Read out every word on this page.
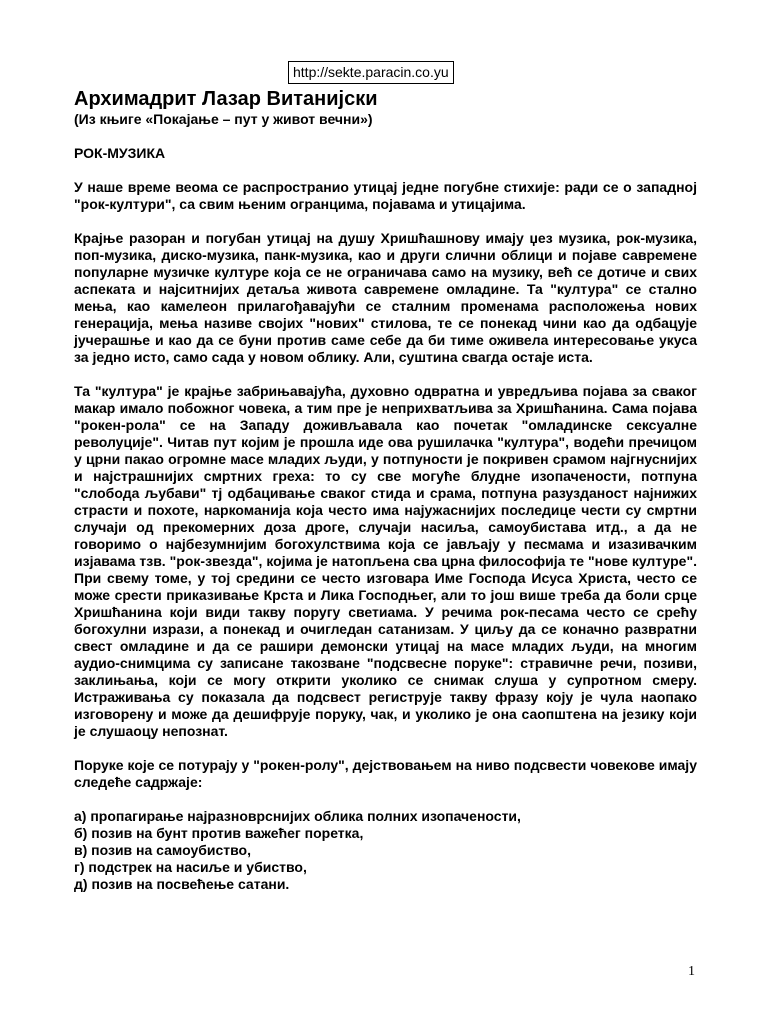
http://sekte.paracin.co.yu
Архимадрит Лазар Витанијски

(Из књиге «Покајање – пут у живот вечни»)

РОК-МУЗИКА

У наше време веома се распространио утицај једне погубне стихије: ради се о западној "рок-култури", са свим њеним огранцима, појавама и утицајима.

Крајње разоран и погубан утицај на душу Хришћашнову имају џез музика, рок-музика, поп-музика, диско-музика, панк-музика, као и други слични облици и појаве савремене популарне музичке културе која се не ограничава само на музику, већ се дотиче и свих аспеката и најситнијих детаља живота савремене омладине. Та "култура" се стално мења, као камелеон прилагођавајући се сталним променама расположења нових генерација, мења називе својих "нових" стилова, те се понекад чини као да одбацује јучерашње и као да се буни против саме себе да би тиме оживела интересовање укуса за једно исто, само сада у новом облику. Али, суштина свагда остаје иста.

Та "култура" је крајње забрињавајућа, духовно одвратна и увредљива појава за сваког макар имало побожног човека, а тим пре је неприхватљива за Хришћанина. Сама појава "рокен-рола" се на Западу доживљавала као почетак "омладинске сексуалне револуције". Читав пут којим је прошла иде ова рушилачка "култура", водећи пречицом у црни пакао огромне масе младих људи, у потпуности је покривен срамом најгнуснијих и најстрашнијих смртних греха: то су све могуће блудне изопачености, потпуна "слобода љубави" тј одбацивање сваког стида и срама, потпуна разузданост најнижих страсти и похоте, наркоманија која често има најужаснијих последице чести су смртни случаји од прекомерних доза дроге, случаји насиља, самоубистава итд., а да не говоримо о најбезумнијим богохулствима која се јављају у песмама и изазивачким изјавама тзв. "рок-звезда", којима је натопљена сва црна философија те "нове културе". При свему томе, у тој средини се често изговара Име Господа Исуса Христа, често се може срести приказивање Крста и Лика Господњег, али то још више треба да боли срце Хришћанина који види такву поругу светиама. У речима рок-песама често се срећу богохулни изрази, а понекад и очигледан сатанизам. У циљу да се коначно развратни свест омладине и да се рашири демонски утицај на масе младих људи, на многим аудио-снимцима су записане такозване "подсвесне поруке": стравичне речи, позиви, заклињања, који се могу открити уколико се снимак слуша у супротном смеру. Истраживања су показала да подсвест региструје такву фразу коју је чула наопако изговорену и може да дешифрује поруку, чак, и уколико је она саопштена на језику који је слушаоцу непознат.

Поруке које се потурају у "рокен-ролу", дејствовањем на ниво подсвести човекове имају следеће садржаје:

а) пропагирање најразноврснијих облика полних изопачености,
б) позив на бунт против важећег поретка,
в) позив на самоубиство,
г) подстрек на насиље и убиство,
д) позив на посвећење сатани.
1
